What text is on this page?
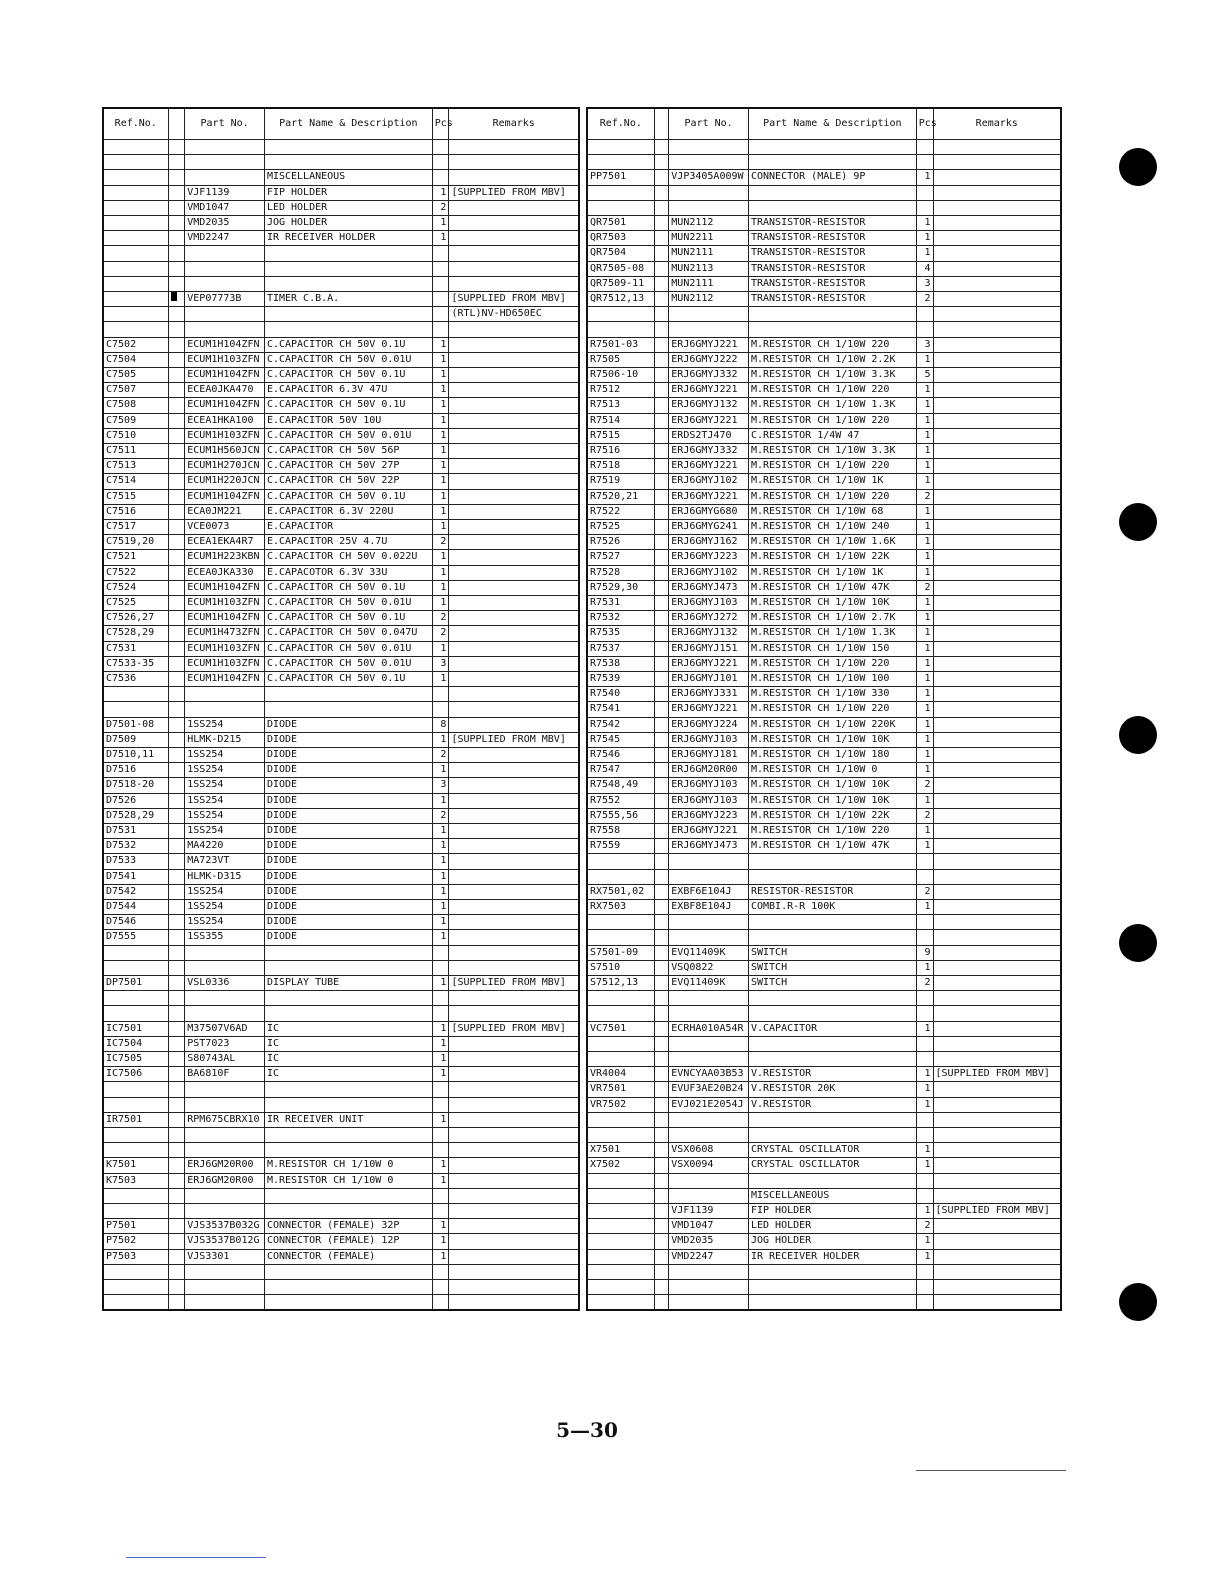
Ref.No.		Part No.	Part Name & Description	Pcs	Remarks

			MISCELLANEOUS		
		VJF1139	FIP HOLDER	1	[SUPPLIED FROM MBV]
		VMD1047	LED HOLDER	2	
		VMD2035	JOG HOLDER	1	
		VMD2247	IR RECEIVER HOLDER	1	

		VEP07773B	TIMER C.B.A.		[SUPPLIED FROM MBV]
					(RTL)NV-HD650EC

C7502		ECUM1H104ZFN	C.CAPACITOR CH 50V 0.1U	1	
C7504		ECUM1H103ZFN	C.CAPACITOR CH 50V 0.01U	1	
C7505		ECUM1H104ZFN	C.CAPACITOR CH 50V 0.1U	1	
C7507		ECEA0JKA470	E.CAPACITOR 6.3V 47U	1	
C7508		ECUM1H104ZFN	C.CAPACITOR CH 50V 0.1U	1	
C7509		ECEA1HKA100	E.CAPACITOR 50V 10U	1	
C7510		ECUM1H103ZFN	C.CAPACITOR CH 50V 0.01U	1	
C7511		ECUM1H560JCN	C.CAPACITOR CH 50V 56P	1	
C7513		ECUM1H270JCN	C.CAPACITOR CH 50V 27P	1	
C7514		ECUM1H220JCN	C.CAPACITOR CH 50V 22P	1	
C7515		ECUM1H104ZFN	C.CAPACITOR CH 50V 0.1U	1	
C7516		ECA0JM221	E.CAPACITOR 6.3V 220U	1	
C7517		VCE0073	E.CAPACITOR	1	
C7519,20		ECEA1EKA4R7	E.CAPACITOR 25V 4.7U	2	
C7521		ECUM1H223KBN	C.CAPACITOR CH 50V 0.022U	1	
C7522		ECEA0JKA330	E.CAPACOTOR 6.3V 33U	1	
C7524		ECUM1H104ZFN	C.CAPACITOR CH 50V 0.1U	1	
C7525		ECUM1H103ZFN	C.CAPACITOR CH 50V 0.01U	1	
C7526,27		ECUM1H104ZFN	C.CAPACITOR CH 50V 0.1U	2	
C7528,29		ECUM1H473ZFN	C.CAPACITOR CH 50V 0.047U	2	
C7531		ECUM1H103ZFN	C.CAPACITOR CH 50V 0.01U	1	
C7533-35		ECUM1H103ZFN	C.CAPACITOR CH 50V 0.01U	3	
C7536		ECUM1H104ZFN	C.CAPACITOR CH 50V 0.1U	1	

D7501-08		1SS254	DIODE	8	
D7509		HLMK-D215	DIODE	1	[SUPPLIED FROM MBV]
D7510,11		1SS254	DIODE	2	
D7516		1SS254	DIODE	1	
D7518-20		1SS254	DIODE	3	
D7526		1SS254	DIODE	1	
D7528,29		1SS254	DIODE	2	
D7531		1SS254	DIODE	1	
D7532		MA4220	DIODE	1	
D7533		MA723VT	DIODE	1	
D7541		HLMK-D315	DIODE	1	
D7542		1SS254	DIODE	1	
D7544		1SS254	DIODE	1	
D7546		1SS254	DIODE	1	
D7555		1SS355	DIODE	1	

DP7501		VSL0336	DISPLAY TUBE	1	[SUPPLIED FROM MBV]

IC7501		M37507V6AD	IC	1	[SUPPLIED FROM MBV]
IC7504		PST7023	IC	1	
IC7505		S80743AL	IC	1	
IC7506		BA6810F	IC	1	

IR7501		RPM675CBRX10	IR RECEIVER UNIT	1	

K7501		ERJ6GM20R00	M.RESISTOR CH 1/10W 0	1	
K7503		ERJ6GM20R00	M.RESISTOR CH 1/10W 0	1	

P7501		VJS3537B032G	CONNECTOR (FEMALE) 32P	1	
P7502		VJS3537B012G	CONNECTOR (FEMALE) 12P	1	
P7503		VJS3301	CONNECTOR (FEMALE)	1	

Ref.No.		Part No.	Part Name & Description	Pcs	Remarks

PP7501		VJP3405A009W	CONNECTOR (MALE) 9P	1	

QR7501		MUN2112	TRANSISTOR-RESISTOR	1	
QR7503		MUN2211	TRANSISTOR-RESISTOR	1	
QR7504		MUN2111	TRANSISTOR-RESISTOR	1	
QR7505-08		MUN2113	TRANSISTOR-RESISTOR	4	
QR7509-11		MUN2111	TRANSISTOR-RESISTOR	3	
QR7512,13		MUN2112	TRANSISTOR-RESISTOR	2	

R7501-03		ERJ6GMYJ221	M.RESISTOR CH 1/10W 220	3	
R7505		ERJ6GMYJ222	M.RESISTOR CH 1/10W 2.2K	1	
R7506-10		ERJ6GMYJ332	M.RESISTOR CH 1/10W 3.3K	5	
R7512		ERJ6GMYJ221	M.RESISTOR CH 1/10W 220	1	
R7513		ERJ6GMYJ132	M.RESISTOR CH 1/10W 1.3K	1	
R7514		ERJ6GMYJ221	M.RESISTOR CH 1/10W 220	1	
R7515		ERDS2TJ470	C.RESISTOR 1/4W 47	1	
R7516		ERJ6GMYJ332	M.RESISTOR CH 1/10W 3.3K	1	
R7518		ERJ6GMYJ221	M.RESISTOR CH 1/10W 220	1	
R7519		ERJ6GMYJ102	M.RESISTOR CH 1/10W 1K	1	
R7520,21		ERJ6GMYJ221	M.RESISTOR CH 1/10W 220	2	
R7522		ERJ6GMYG680	M.RESISTOR CH 1/10W 68	1	
R7525		ERJ6GMYG241	M.RESISTOR CH 1/10W 240	1	
R7526		ERJ6GMYJ162	M.RESISTOR CH 1/10W 1.6K	1	
R7527		ERJ6GMYJ223	M.RESISTOR CH 1/10W 22K	1	
R7528		ERJ6GMYJ102	M.RESISTOR CH 1/10W 1K	1	
R7529,30		ERJ6GMYJ473	M.RESISTOR CH 1/10W 47K	2	
R7531		ERJ6GMYJ103	M.RESISTOR CH 1/10W 10K	1	
R7532		ERJ6GMYJ272	M.RESISTOR CH 1/10W 2.7K	1	
R7535		ERJ6GMYJ132	M.RESISTOR CH 1/10W 1.3K	1	
R7537		ERJ6GMYJ151	M.RESISTOR CH 1/10W 150	1	
R7538		ERJ6GMYJ221	M.RESISTOR CH 1/10W 220	1	
R7539		ERJ6GMYJ101	M.RESISTOR CH 1/10W 100	1	
R7540		ERJ6GMYJ331	M.RESISTOR CH 1/10W 330	1	
R7541		ERJ6GMYJ221	M.RESISTOR CH 1/10W 220	1	
R7542		ERJ6GMYJ224	M.RESISTOR CH 1/10W 220K	1	
R7545		ERJ6GMYJ103	M.RESISTOR CH 1/10W 10K	1	
R7546		ERJ6GMYJ181	M.RESISTOR CH 1/10W 180	1	
R7547		ERJ6GM20R00	M.RESISTOR CH 1/10W 0	1	
R7548,49		ERJ6GMYJ103	M.RESISTOR CH 1/10W 10K	2	
R7552		ERJ6GMYJ103	M.RESISTOR CH 1/10W 10K	1	
R7555,56		ERJ6GMYJ223	M.RESISTOR CH 1/10W 22K	2	
R7558		ERJ6GMYJ221	M.RESISTOR CH 1/10W 220	1	
R7559		ERJ6GMYJ473	M.RESISTOR CH 1/10W 47K	1	

RX7501,02		EXBF6E104J	RESISTOR-RESISTOR	2	
RX7503		EXBF8E104J	COMBI.R-R 100K	1	

S7501-09		EVQ11409K	SWITCH	9	
S7510		VSQ0822	SWITCH	1	
S7512,13		EVQ11409K	SWITCH	2	

VC7501		ECRHA010A54R	V.CAPACITOR	1	

VR4004		EVNCYAA03B53	V.RESISTOR	1	[SUPPLIED FROM MBV]
VR7501		EVUF3AE20B24	V.RESISTOR 20K	1	
VR7502		EVJ021E2054J	V.RESISTOR	1	

X7501		VSX0608	CRYSTAL OSCILLATOR	1	
X7502		VSX0094	CRYSTAL OSCILLATOR	1	

			MISCELLANEOUS		
		VJF1139	FIP HOLDER	1	[SUPPLIED FROM MBV]
		VMD1047	LED HOLDER	2	
		VMD2035	JOG HOLDER	1	
		VMD2247	IR RECEIVER HOLDER	1	

5—30
